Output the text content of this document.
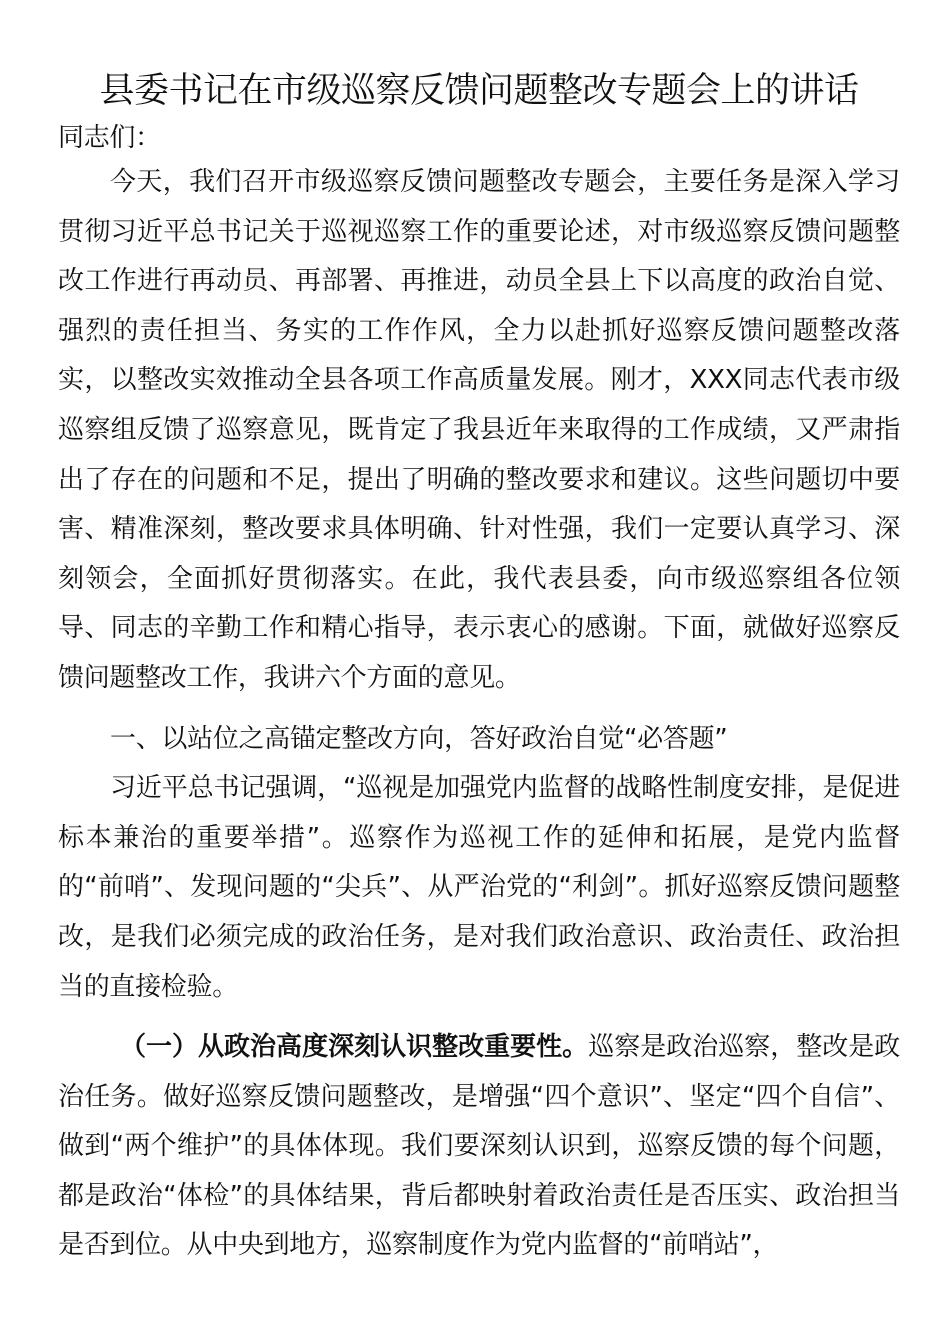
县委书记在市级巡察反馈问题整改专题会上的讲话

同志们：

今天，我们召开市级巡察反馈问题整改专题会，主要任务是深入学习贯彻习近平总书记关于巡视巡察工作的重要论述，对市级巡察反馈问题整改工作进行再动员、再部署、再推进，动员全县上下以高度的政治自觉、强烈的责任担当、务实的工作作风，全力以赴抓好巡察反馈问题整改落实，以整改实效推动全县各项工作高质量发展。刚才，XXX同志代表市级巡察组反馈了巡察意见，既肯定了我县近年来取得的工作成绩，又严肃指出了存在的问题和不足，提出了明确的整改要求和建议。这些问题切中要害、精准深刻，整改要求具体明确、针对性强，我们一定要认真学习、深刻领会，全面抓好贯彻落实。在此，我代表县委，向市级巡察组各位领导、同志的辛勤工作和精心指导，表示衷心的感谢。下面，就做好巡察反馈问题整改工作，我讲六个方面的意见。

一、以站位之高锚定整改方向，答好政治自觉“必答题”

习近平总书记强调，“巡视是加强党内监督的战略性制度安排，是促进标本兼治的重要举措”。巡察作为巡视工作的延伸和拓展，是党内监督的“前哨”、发现问题的“尖兵”、从严治党的“利剑”。抓好巡察反馈问题整改，是我们必须完成的政治任务，是对我们政治意识、政治责任、政治担当的直接检验。

（一）从政治高度深刻认识整改重要性。巡察是政治巡察，整改是政治任务。做好巡察反馈问题整改，是增强“四个意识”、坚定“四个自信”、做到“两个维护”的具体体现。我们要深刻认识到，巡察反馈的每个问题，都是政治“体检”的具体结果，背后都映射着政治责任是否压实、政治担当是否到位。从中央到地方，巡察制度作为党内监督的“前哨站”，
